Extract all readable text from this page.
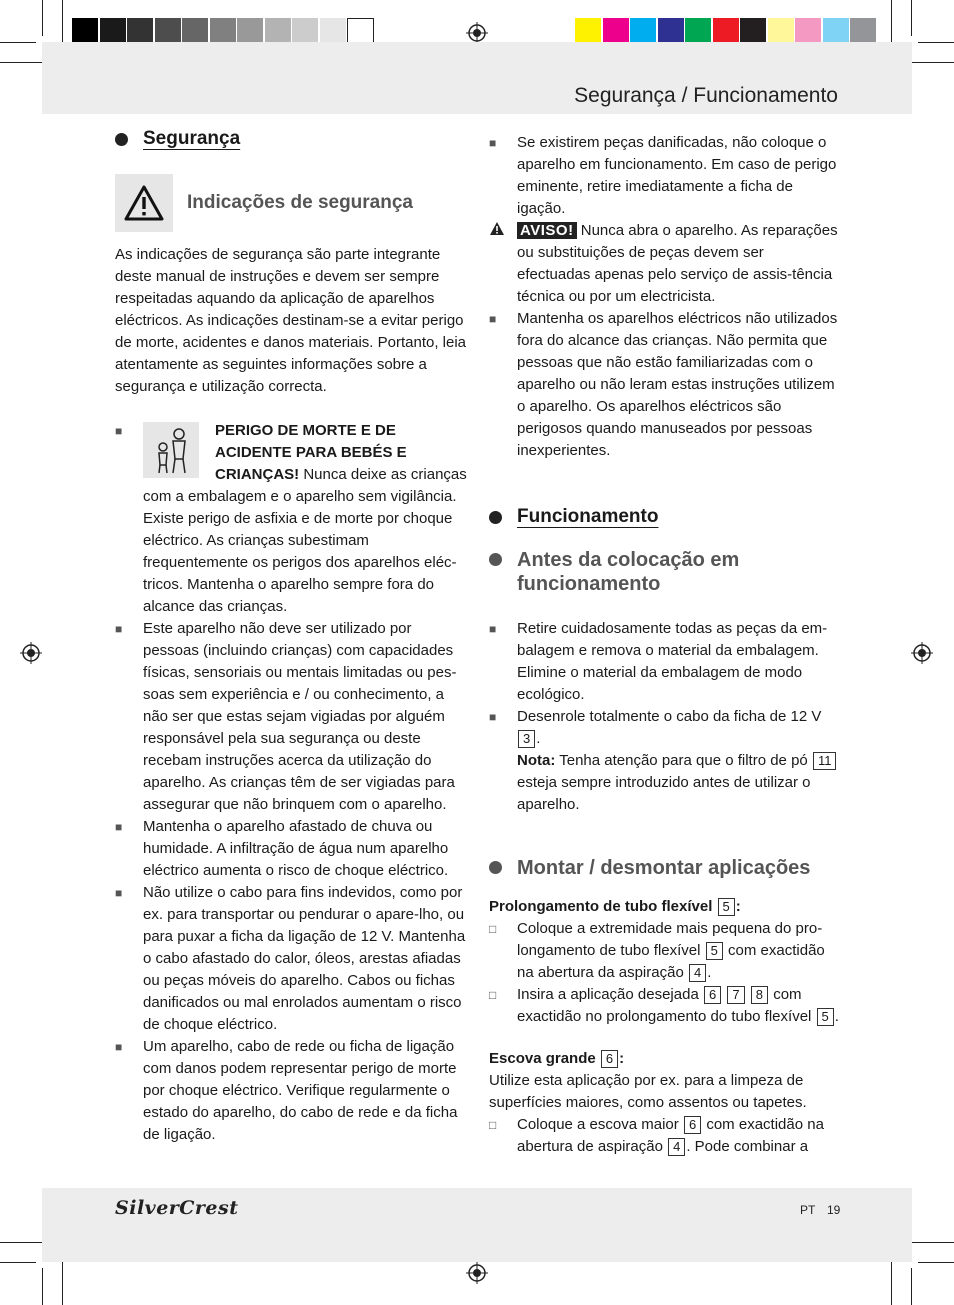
Segurança / Funcionamento
Segurança
Indicações de segurança

As indicações de segurança são parte integrante deste manual de instruções e devem ser sempre respeitadas aquando da aplicação de aparelhos eléctricos. As indicações destinam-se a evitar perigo de morte, acidentes e danos materiais. Portanto, leia atentamente as seguintes informações sobre a segurança e utilização correcta.

■	PERIGO DE MORTE E DE ACIDENTE PARA BEBÉS E CRIANÇAS! Nunca deixe as crianças com a embalagem e o aparelho sem vigilância. Existe perigo de asfixia e de morte por choque eléctrico. As crianças subestimam frequentemente os perigos dos aparelhos eléc-tricos. Mantenha o aparelho sempre fora do alcance das crianças.
■ Este aparelho não deve ser utilizado por pessoas (incluindo crianças) com capacidades físicas, sensoriais ou mentais limitadas ou pes-soas sem experiência e / ou conhecimento, a não ser que estas sejam vigiadas por alguém responsável pela sua segurança ou deste recebam instruções acerca da utilização do aparelho. As crianças têm de ser vigiadas para assegurar que não brinquem com o aparelho.
■ Mantenha o aparelho afastado de chuva ou humidade. A infiltração de água num aparelho eléctrico aumenta o risco de choque eléctrico.
■ Não utilize o cabo para fins indevidos, como por ex. para transportar ou pendurar o apare-lho, ou para puxar a ficha da ligação de 12 V. Mantenha o cabo afastado do calor, óleos, arestas afiadas ou peças móveis do aparelho. Cabos ou fichas danificados ou mal enrolados aumentam o risco de choque eléctrico.
■ Um aparelho, cabo de rede ou ficha de ligação com danos podem representar perigo de morte por choque eléctrico. Verifique regularmente o estado do aparelho, do cabo de rede e da ficha de ligação.
■ Se existirem peças danificadas, não coloque o aparelho em funcionamento. Em caso de perigo eminente, retire imediatamente a ficha de igação.
AVISO! Nunca abra o aparelho. As reparações ou substituições de peças devem ser efectuadas apenas pelo serviço de assis-tência técnica ou por um electricista.
■ Mantenha os aparelhos eléctricos não utilizados fora do alcance das crianças. Não permita que pessoas que não estão familiarizadas com o aparelho ou não leram estas instruções utilizem o aparelho. Os aparelhos eléctricos são perigosos quando manuseados por pessoas inexperientes.
Funcionamento
Antes da colocação em funcionamento
■ Retire cuidadosamente todas as peças da em-balagem e remova o material da embalagem. Elimine o material da embalagem de modo ecológico.
■ Desenrole totalmente o cabo da ficha de 12 V 3 .
Nota: Tenha atenção para que o filtro de pó 11 esteja sempre introduzido antes de utilizar o aparelho.
Montar / desmontar aplicações
Prolongamento de tubo flexível 5 :
□ Coloque a extremidade mais pequena do pro-longamento de tubo flexível 5 com exactidão na abertura da aspiração 4 .
□ Insira a aplicação desejada 6 7 8 com exactidão no prolongamento do tubo flexível 5 .
Escova grande 6 :
Utilize esta aplicação por ex. para a limpeza de superfícies maiores, como assentos ou tapetes.
□ Coloque a escova maior 6 com exactidão na abertura de aspiração 4 . Pode combinar a
SilverCrest	PT 19
